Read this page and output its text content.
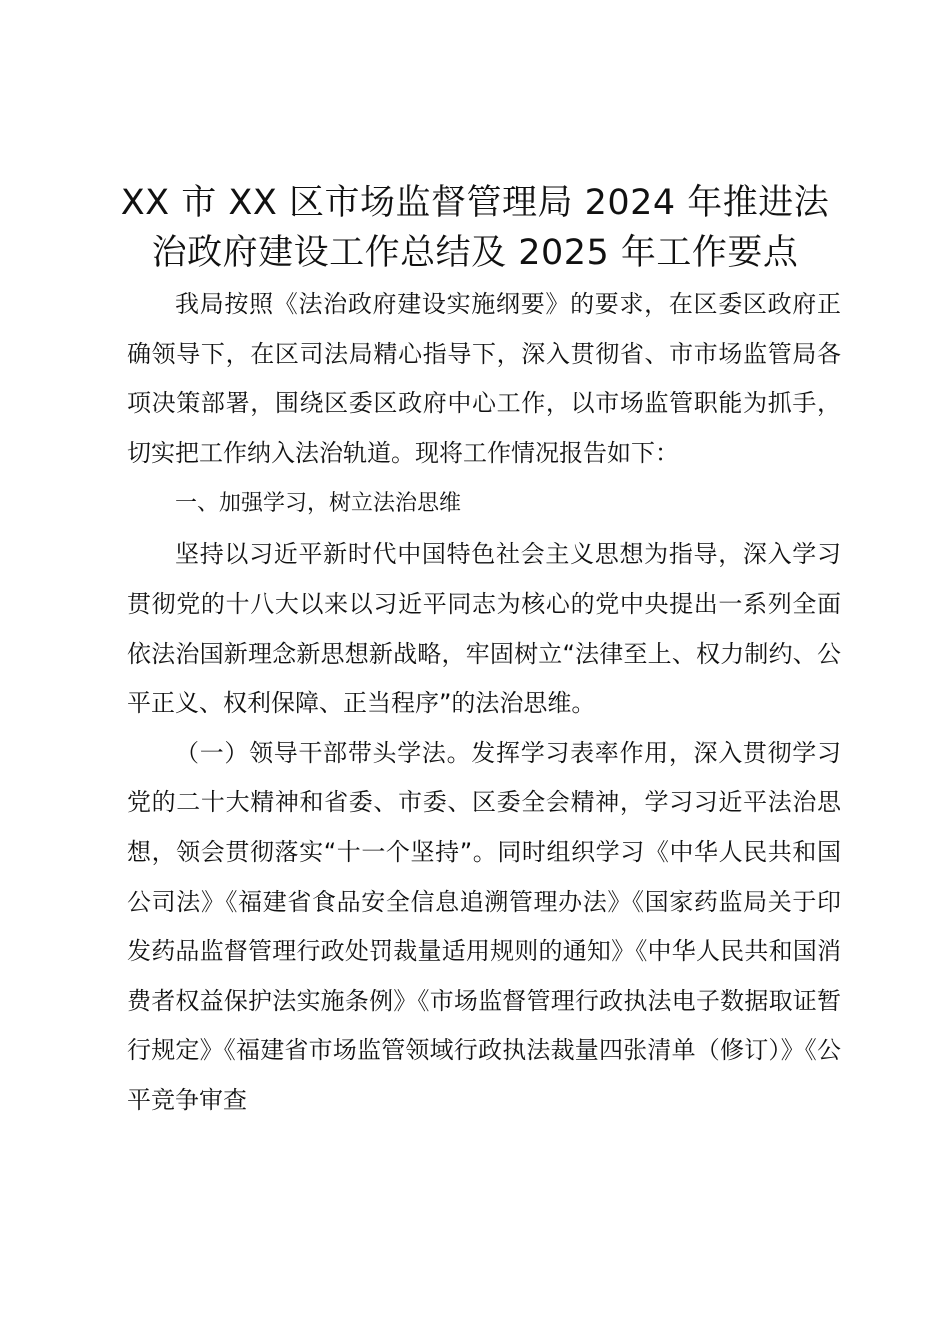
XX 市 XX 区市场监督管理局 2024 年推进法
治政府建设工作总结及 2025 年工作要点

我局按照《法治政府建设实施纲要》的要求，在区委区政府正确领导下，在区司法局精心指导下，深入贯彻省、市市场监管局各项决策部署，围绕区委区政府中心工作，以市场监管职能为抓手，切实把工作纳入法治轨道。现将工作情况报告如下：

一、加强学习，树立法治思维

坚持以习近平新时代中国特色社会主义思想为指导，深入学习贯彻党的十八大以来以习近平同志为核心的党中央提出一系列全面依法治国新理念新思想新战略，牢固树立“法律至上、权力制约、公平正义、权利保障、正当程序”的法治思维。

（一）领导干部带头学法。发挥学习表率作用，深入贯彻学习党的二十大精神和省委、市委、区委全会精神，学习习近平法治思想，领会贯彻落实“十一个坚持”。同时组织学习《中华人民共和国公司法》《福建省食品安全信息追溯管理办法》《国家药监局关于印发药品监督管理行政处罚裁量适用规则的通知》《中华人民共和国消费者权益保护法实施条例》《市场监督管理行政执法电子数据取证暂行规定》《福建省市场监管领域行政执法裁量四张清单（修订）》《公平竞争审查
